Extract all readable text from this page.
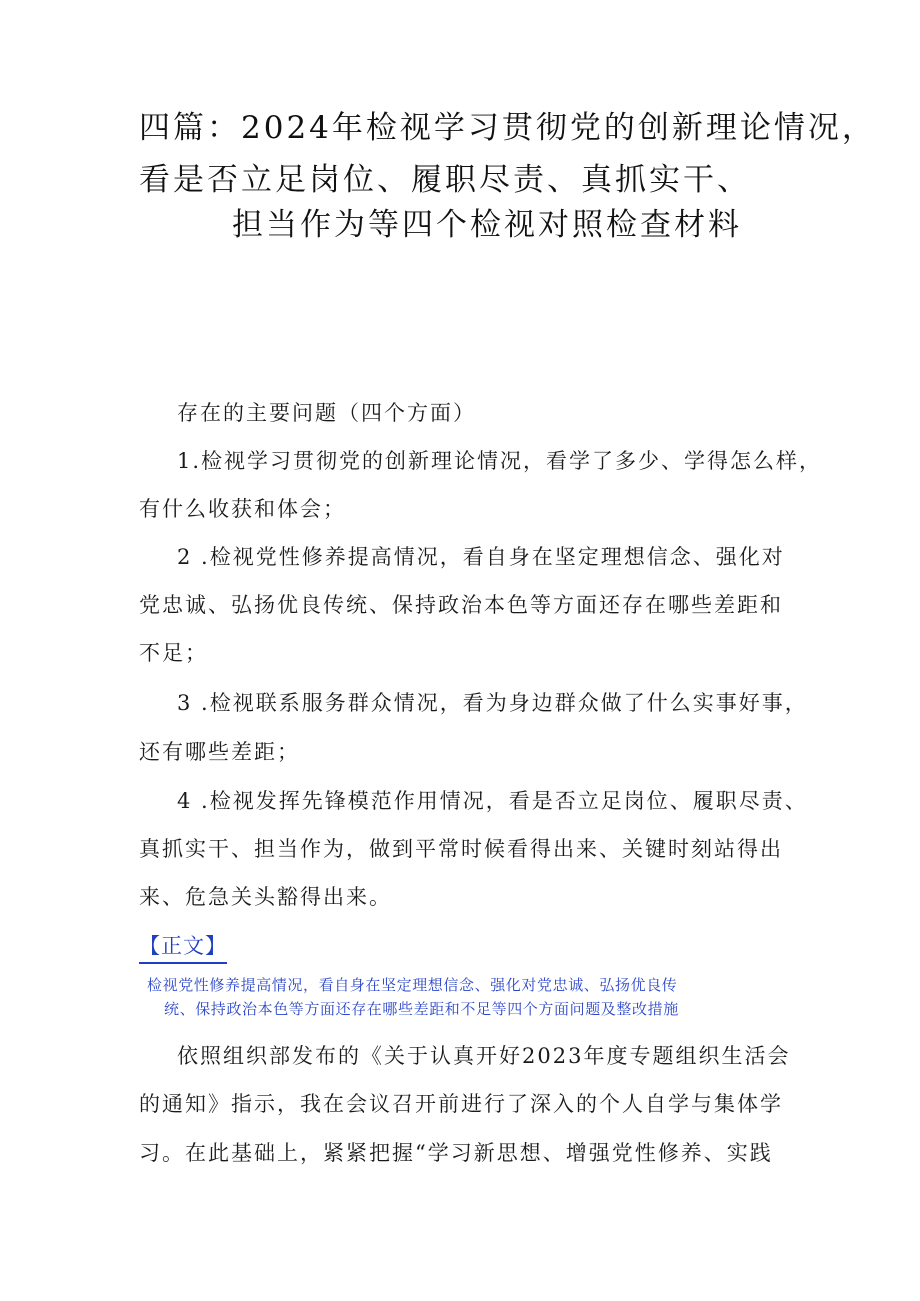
四篇：2024年检视学习贯彻党的创新理论情况，
看是否立足岗位、履职尽责、真抓实干、
担当作为等四个检视对照检查材料
存在的主要问题（四个方面）
1.检视学习贯彻党的创新理论情况，看学了多少、学得怎么样，
有什么收获和体会；
2 .检视党性修养提高情况，看自身在坚定理想信念、强化对
党忠诚、弘扬优良传统、保持政治本色等方面还存在哪些差距和
不足；
3 .检视联系服务群众情况，看为身边群众做了什么实事好事，
还有哪些差距；
4 .检视发挥先锋模范作用情况，看是否立足岗位、履职尽责、
真抓实干、担当作为，做到平常时候看得出来、关键时刻站得出
来、危急关头豁得出来。
【正文】
检视党性修养提高情况，看自身在坚定理想信念、强化对党忠诚、弘扬优良传
统、保持政治本色等方面还存在哪些差距和不足等四个方面问题及整改措施
依照组织部发布的《关于认真开好2023年度专题组织生活会
的通知》指示，我在会议召开前进行了深入的个人自学与集体学
习。在此基础上，紧紧把握“学习新思想、增强党性修养、实践
